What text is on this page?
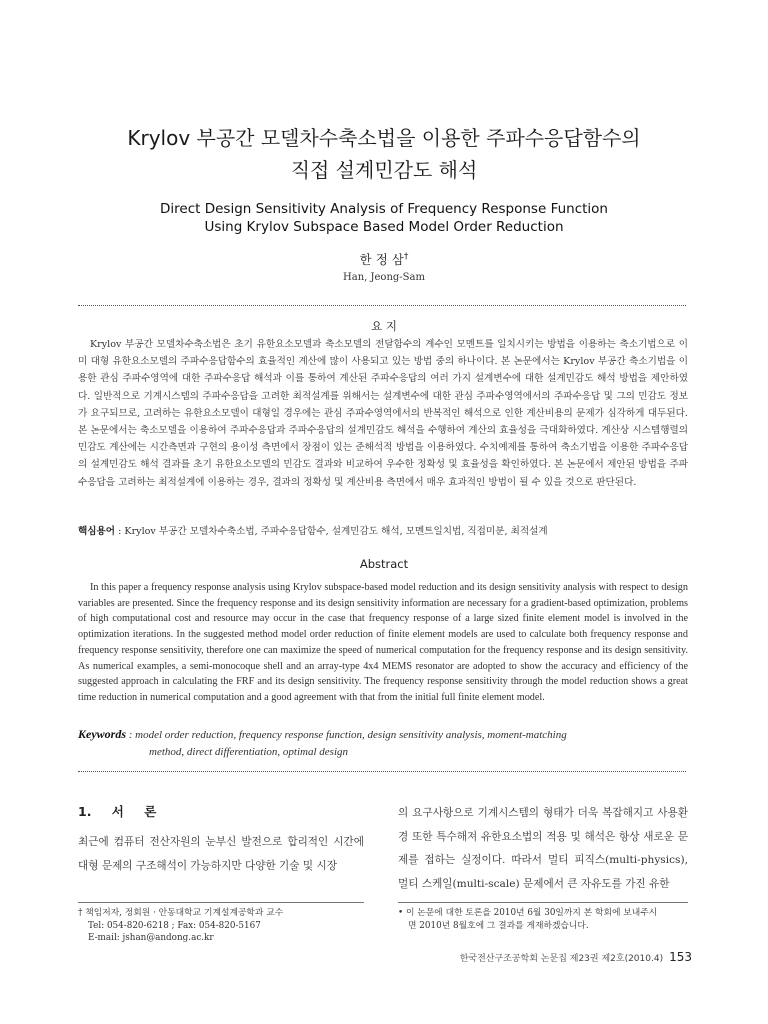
Krylov 부공간 모델차수축소법을 이용한 주파수응답함수의
직접 설계민감도 해석
Direct Design Sensitivity Analysis of Frequency Response Function
Using Krylov Subspace Based Model Order Reduction
한 정 삼†
Han, Jeong-Sam
요 지
Krylov 부공간 모델차수축소법은 초기 유한요소모델과 축소모델의 전달함수의 계수인 모멘트를 일치시키는 방법을 이용하는 축소기법으로 이미 대형 유한요소모델의 주파수응답함수의 효율적인 계산에 많이 사용되고 있는 방법 중의 하나이다. 본 논문에서는 Krylov 부공간 축소기법을 이용한 관심 주파수영역에 대한 주파수응답 해석과 이를 통하여 계산된 주파수응답의 여러 가지 설계변수에 대한 설계민감도 해석 방법을 제안하였다. 일반적으로 기계시스템의 주파수응답을 고려한 최적설계를 위해서는 설계변수에 대한 관심 주파수영역에서의 주파수응답 및 그의 민감도 정보가 요구되므로, 고려하는 유한요소모델이 대형일 경우에는 관심 주파수영역에서의 반복적인 해석으로 인한 계산비용의 문제가 심각하게 대두된다. 본 논문에서는 축소모델을 이용하여 주파수응답과 주파수응답의 설계민감도 해석을 수행하여 계산의 효율성을 극대화하였다. 계산상 시스템행렬의 민감도 계산에는 시간측면과 구현의 용이성 측면에서 장점이 있는 준해석적 방법을 이용하였다. 수치예제를 통하여 축소기법을 이용한 주파수응답의 설계민감도 해석 결과를 초기 유한요소모델의 민감도 결과와 비교하여 우수한 정확성 및 효율성을 확인하였다. 본 논문에서 제안된 방법을 주파수응답을 고려하는 최적설계에 이용하는 경우, 결과의 정확성 및 계산비용 측면에서 매우 효과적인 방법이 될 수 있을 것으로 판단된다.
핵심용어 : Krylov 부공간 모델차수축소법, 주파수응답함수, 설계민감도 해석, 모멘트일치법, 직접미분, 최적설계
Abstract
In this paper a frequency response analysis using Krylov subspace-based model reduction and its design sensitivity analysis with respect to design variables are presented. Since the frequency response and its design sensitivity information are necessary for a gradient-based optimization, problems of high computational cost and resource may occur in the case that frequency response of a large sized finite element model is involved in the optimization iterations. In the suggested method model order reduction of finite element models are used to calculate both frequency response and frequency response sensitivity, therefore one can maximize the speed of numerical computation for the frequency response and its design sensitivity. As numerical examples, a semi-monocoque shell and an array-type 4x4 MEMS resonator are adopted to show the accuracy and efficiency of the suggested approach in calculating the FRF and its design sensitivity. The frequency response sensitivity through the model reduction shows a great time reduction in numerical computation and a good agreement with that from the initial full finite element model.
Keywords : model order reduction, frequency response function, design sensitivity analysis, moment-matching
method, direct differentiation, optimal design
1. 서 론
최근에 컴퓨터 전산자원의 눈부신 발전으로 합리적인 시간에 대형 문제의 구조해석이 가능하지만 다양한 기술 및 시장
의 요구사항으로 기계시스템의 형태가 더욱 복잡해지고 사용환경 또한 특수해져 유한요소법의 적용 및 해석은 항상 새로운 문제를 접하는 실정이다. 따라서 멀티 피직스(multi-physics), 멀티 스케일(multi-scale) 문제에서 큰 자유도를 가진 유한
† 책임저자, 정회원 · 안동대학교 기계설계공학과 교수
Tel: 054-820-6218 ; Fax: 054-820-5167
E-mail: jshan@andong.ac.kr
• 이 논문에 대한 토론을 2010년 6월 30일까지 본 학회에 보내주시
면 2010년 8월호에 그 결과를 게재하겠습니다.
한국전산구조공학회 논문집 제23권 제2호(2010.4) 153
